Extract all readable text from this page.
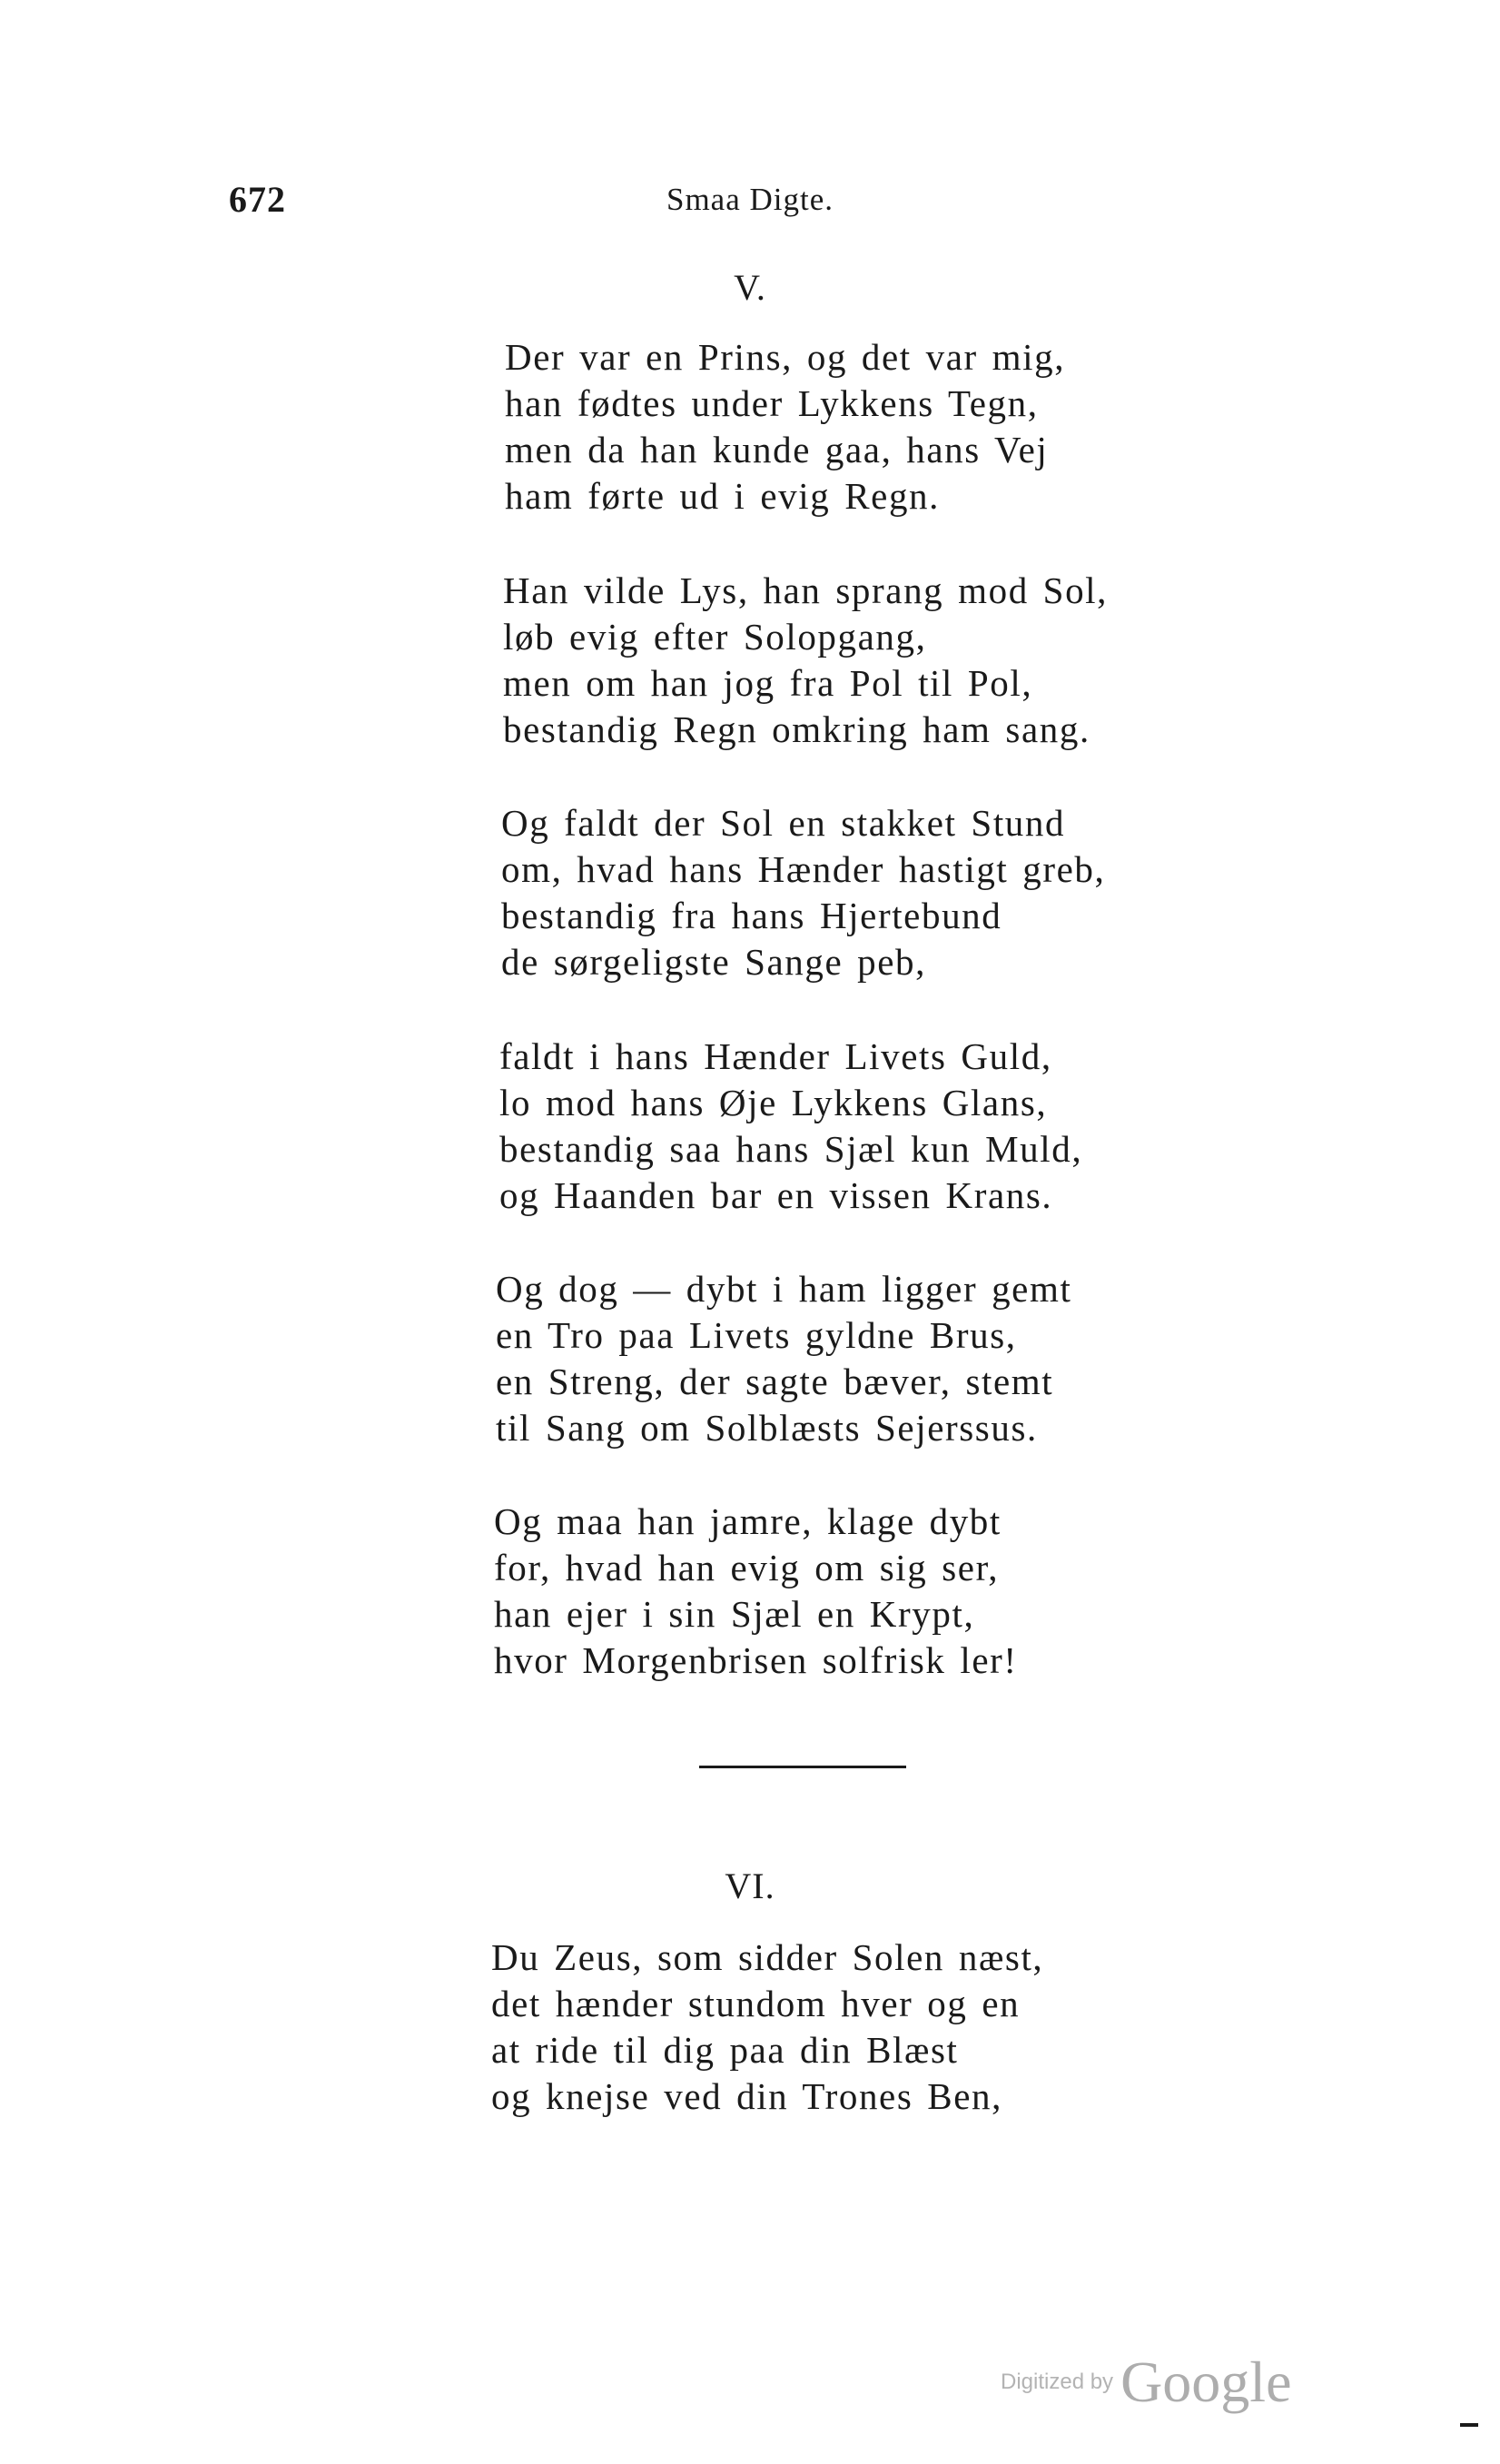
672	Smaa Digte.
V.
Der var en Prins, og det var mig,
han fødtes under Lykkens Tegn,
men da han kunde gaa, hans Vej
ham førte ud i evig Regn.
Han vilde Lys, han sprang mod Sol,
løb evig efter Solopgang,
men om han jog fra Pol til Pol,
bestandig Regn omkring ham sang.
Og faldt der Sol en stakket Stund
om, hvad hans Hænder hastigt greb,
bestandig fra hans Hjertebund
de sørgeligste Sange peb,
faldt i hans Hænder Livets Guld,
lo mod hans Øje Lykkens Glans,
bestandig saa hans Sjæl kun Muld,
og Haanden bar en vissen Krans.
Og dog — dybt i ham ligger gemt
en Tro paa Livets gyldne Brus,
en Streng, der sagte bæver, stemt
til Sang om Solblæsts Sejerssus.
Og maa han jamre, klage dybt
for, hvad han evig om sig ser,
han ejer i sin Sjæl en Krypt,
hvor Morgenbrisen solfrisk ler!
VI.
Du Zeus, som sidder Solen næst,
det hænder stundom hver og en
at ride til dig paa din Blæst
og knejse ved din Trones Ben,
Digitized by Google
